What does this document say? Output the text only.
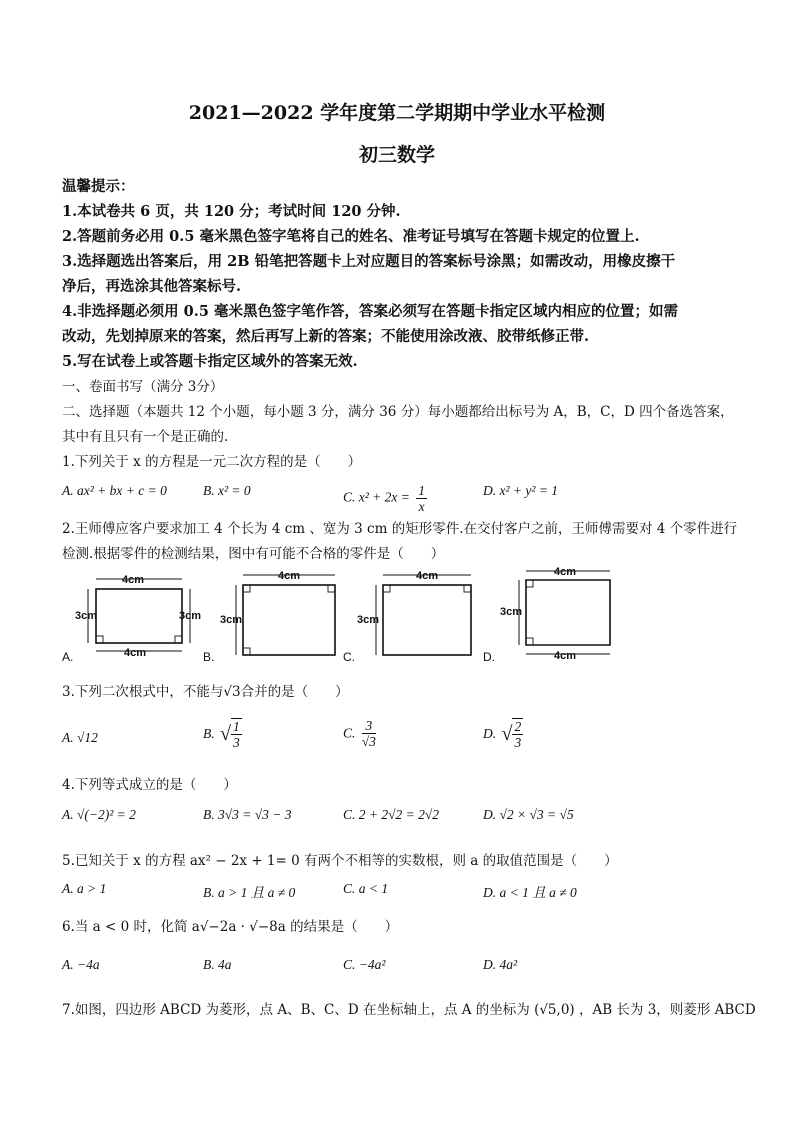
2021—2022 学年度第二学期期中学业水平检测
初三数学
温馨提示：
1.本试卷共 6 页，共 120 分；考试时间 120 分钟.
2.答题前务必用 0.5 毫米黑色签字笔将自己的姓名、准考证号填写在答题卡规定的位置上.
3.选择题选出答案后，用 2B 铅笔把答题卡上对应题目的答案标号涂黑；如需改动，用橡皮擦干
净后，再选涂其他答案标号.
4.非选择题必须用 0.5 毫米黑色签字笔作答，答案必须写在答题卡指定区域内相应的位置；如需
改动，先划掉原来的答案，然后再写上新的答案；不能使用涂改液、胶带纸修正带.
5.写在试卷上或答题卡指定区域外的答案无效.
一、卷面书写（满分 3分）
二、选择题（本题共 12 个小题，每小题 3 分，满分 36 分）每小题都给出标号为 A，B，C，D 四个备选答案，
其中有且只有一个是正确的.
1.下列关于 x 的方程是一元二次方程的是（　　）
A. ax² + bx + c = 0	B. x² = 0	C. $x^2 + 2x = \frac{1}{x}$	D. x² + y² = 1
2.王师傅应客户要求加工 4 个长为 4 cm 、宽为 3 cm 的矩形零件.在交付客户之前，王师傅需要对 4 个零件进行
检测.根据零件的检测结果，图中有可能不合格的零件是（　　）
4cm
3cm	3cm
4cm
A.
4cm
3cm
B.
4cm
3cm
C.
4cm
3cm
4cm
D.
3.下列二次根式中，不能与√3合并的是（　　）
A. √12	B. √ $\frac{1}{3}$	C. $\frac{3}{√3}$	D. √ $\frac{2}{3}$
4.下列等式成立的是（　　）
A. √(−2)² = 2	B. 3√3 = √3 − 3	C. 2 + 2√2 = 2√2	D. √2 × √3 = √5
5.已知关于 x 的方程 ax² − 2x + 1= 0 有两个不相等的实数根，则 a 的取值范围是（　　）
A. a > 1	B. a > 1 且 a ≠ 0	C. a < 1	D. a < 1 且 a ≠ 0
6.当 a < 0 时，化简 a√−2a · √−8a 的结果是（　　）
A. −4a	B. 4a	C. −4a²	D. 4a²
7.如图，四边形 ABCD 为菱形，点 A、B、C、D 在坐标轴上，点 A 的坐标为 (√5,0) ，AB 长为 3，则菱形 ABCD
